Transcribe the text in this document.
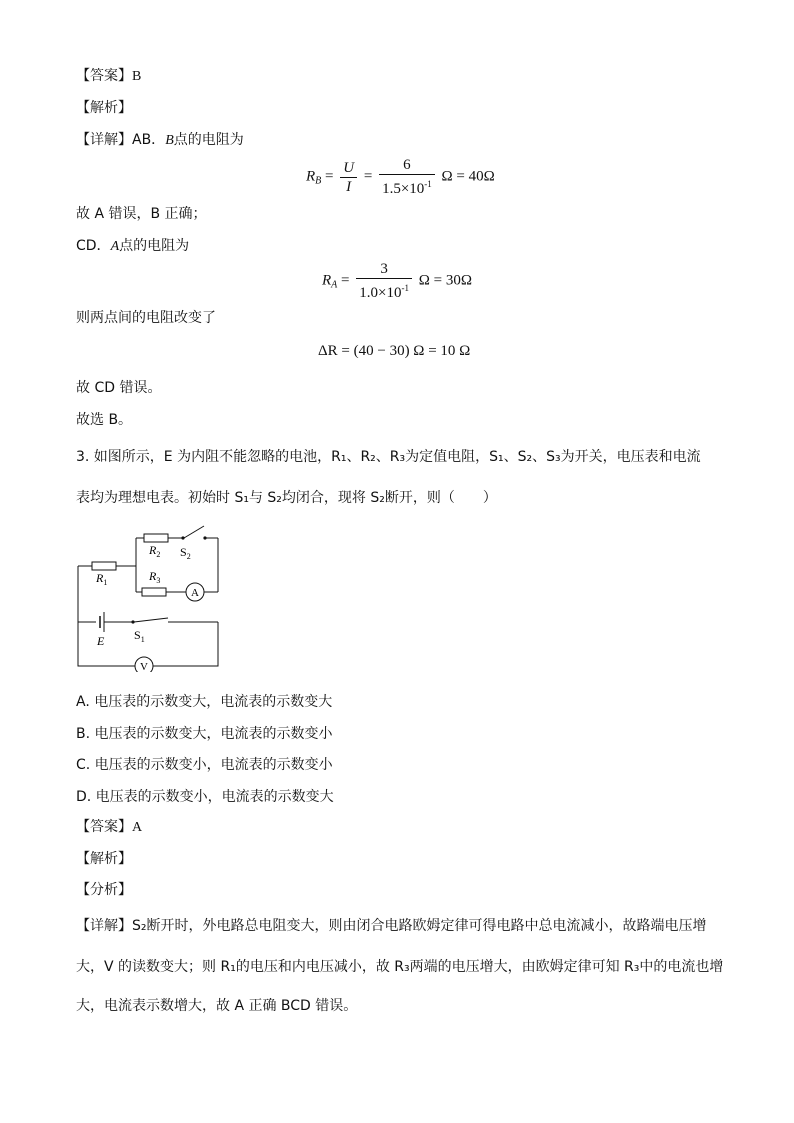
【答案】B
【解析】
【详解】AB．B点的电阻为
$R_B = \frac{U}{I} = \frac{6}{1.5\times 10^{-1}}$ Ω = 40Ω
故 A 错误，B 正确；
CD．A点的电阻为
$R_A = \frac{3}{1.0\times 10^{-1}}$ Ω = 30Ω
则两点间的电阻改变了
ΔR = (40 − 30) Ω = 10 Ω
故 CD 错误。
故选 B。
3. 如图所示，E 为内阻不能忽略的电池，R₁、R₂、R₃为定值电阻，S₁、S₂、S₃为开关，电压表和电流
表均为理想电表。初始时 S₁与 S₂均闭合，现将 S₂断开，则（　　）
$R_2$ $S_2$
$R_1$	$R_3$
A
E $S_1$
V
A. 电压表的示数变大，电流表的示数变大
B. 电压表的示数变大，电流表的示数变小
C. 电压表的示数变小，电流表的示数变小
D. 电压表的示数变小，电流表的示数变大
【答案】A
【解析】
【分析】
【详解】S₂断开时，外电路总电阻变大，则由闭合电路欧姆定律可得电路中总电流减小，故路端电压增
大，V 的读数变大；则 R₁的电压和内电压减小，故 R₃两端的电压增大，由欧姆定律可知 R₃中的电流也增
大，电流表示数增大，故 A 正确 BCD 错误。
